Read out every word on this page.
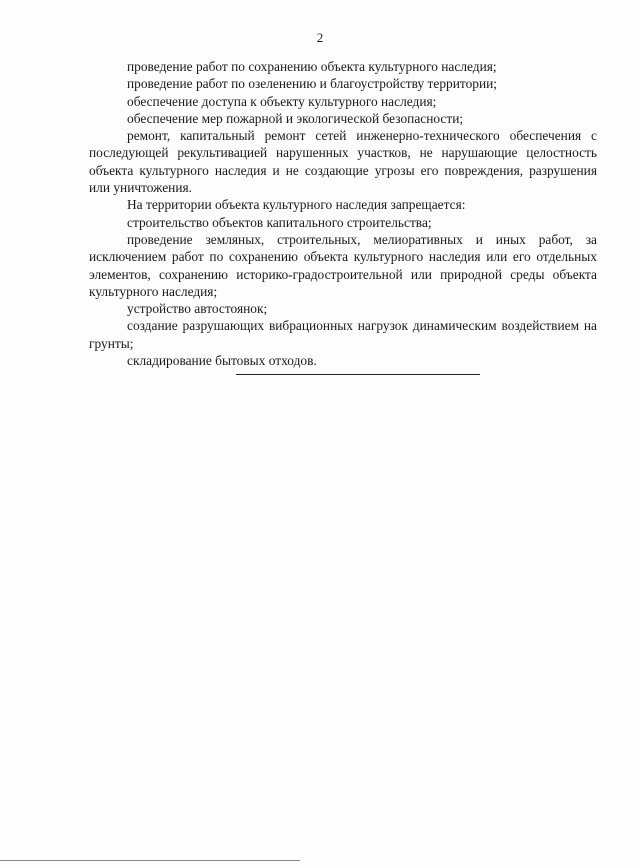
2

проведение работ по сохранению объекта культурного наследия;

проведение работ по озеленению и благоустройству территории;

обеспечение доступа к объекту культурного наследия;

обеспечение мер пожарной и экологической безопасности;

ремонт, капитальный ремонт сетей инженерно-технического обеспечения с последующей рекультивацией нарушенных участков, не нарушающие целостность объекта культурного наследия и не создающие угрозы его повреждения, разрушения или уничтожения.

На территории объекта культурного наследия запрещается:

строительство объектов капитального строительства;

проведение земляных, строительных, мелиоративных и иных работ, за исключением работ по сохранению объекта культурного наследия или его отдельных элементов, сохранению историко-градостроительной или природной среды объекта культурного наследия;

устройство автостоянок;

создание разрушающих вибрационных нагрузок динамическим воздействием на грунты;

складирование бытовых отходов.
